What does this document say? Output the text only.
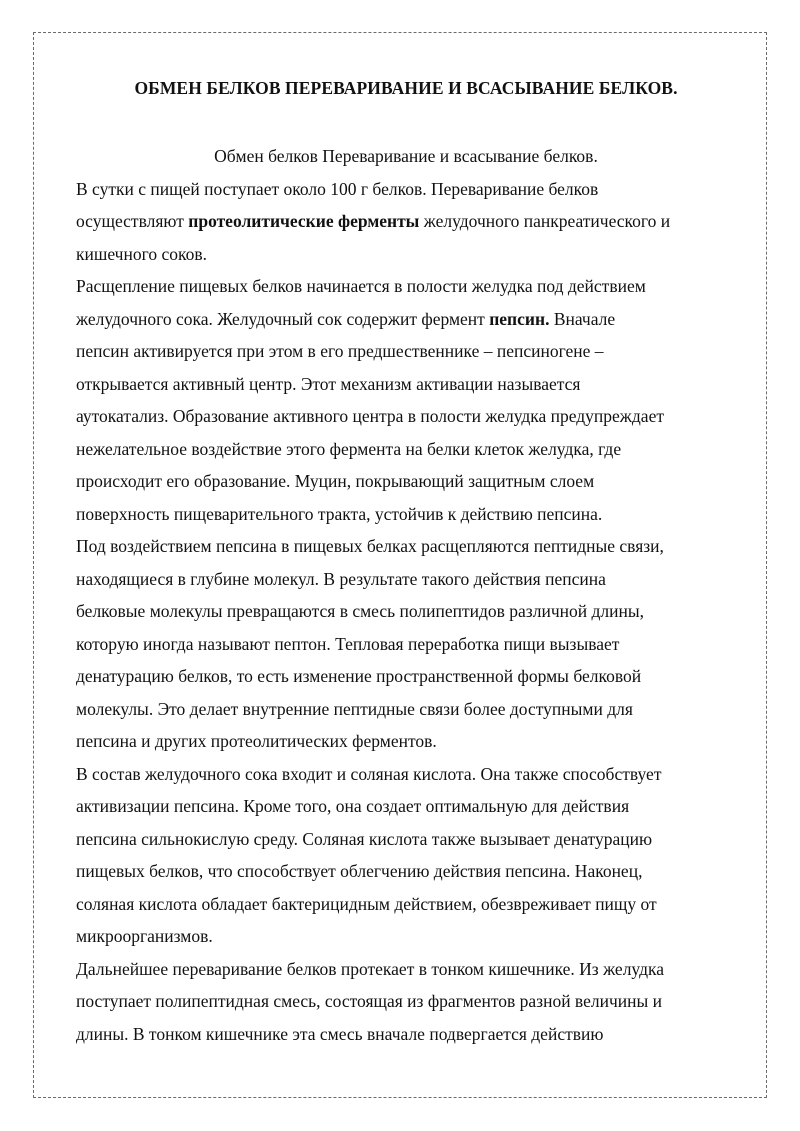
ОБМЕН БЕЛКОВ ПЕРЕВАРИВАНИЕ И ВСАСЫВАНИЕ БЕЛКОВ.

Обмен белков Переваривание и всасывание белков.

В сутки с пищей поступает около 100 г белков. Переваривание белков
осуществляют протеолитические ферменты желудочного панкреатического и
кишечного соков.

Расщепление пищевых белков начинается в полости желудка под действием
желудочного сока. Желудочный сок содержит фермент пепсин. Вначале
пепсин активируется при этом в его предшественнике – пепсиногене –
открывается активный центр. Этот механизм активации называется
аутокатализ. Образование активного центра в полости желудка предупреждает
нежелательное воздействие этого фермента на белки клеток желудка, где
происходит его образование. Муцин, покрывающий защитным слоем
поверхность пищеварительного тракта, устойчив к действию пепсина.

Под воздействием пепсина в пищевых белках расщепляются пептидные связи,
находящиеся в глубине молекул. В результате такого действия пепсина
белковые молекулы превращаются в смесь полипептидов различной длины,
которую иногда называют пептон. Тепловая переработка пищи вызывает
денатурацию белков, то есть изменение пространственной формы белковой
молекулы. Это делает внутренние пептидные связи более доступными для
пепсина и других протеолитических ферментов.

В состав желудочного сока входит и соляная кислота. Она также способствует
активизации пепсина. Кроме того, она создает оптимальную для действия
пепсина сильнокислую среду. Соляная кислота также вызывает денатурацию
пищевых белков, что способствует облегчению действия пепсина. Наконец,
соляная кислота обладает бактерицидным действием, обезвреживает пищу от
микроорганизмов.

Дальнейшее переваривание белков протекает в тонком кишечнике. Из желудка
поступает полипептидная смесь, состоящая из фрагментов разной величины и
длины. В тонком кишечнике эта смесь вначале подвергается действию
